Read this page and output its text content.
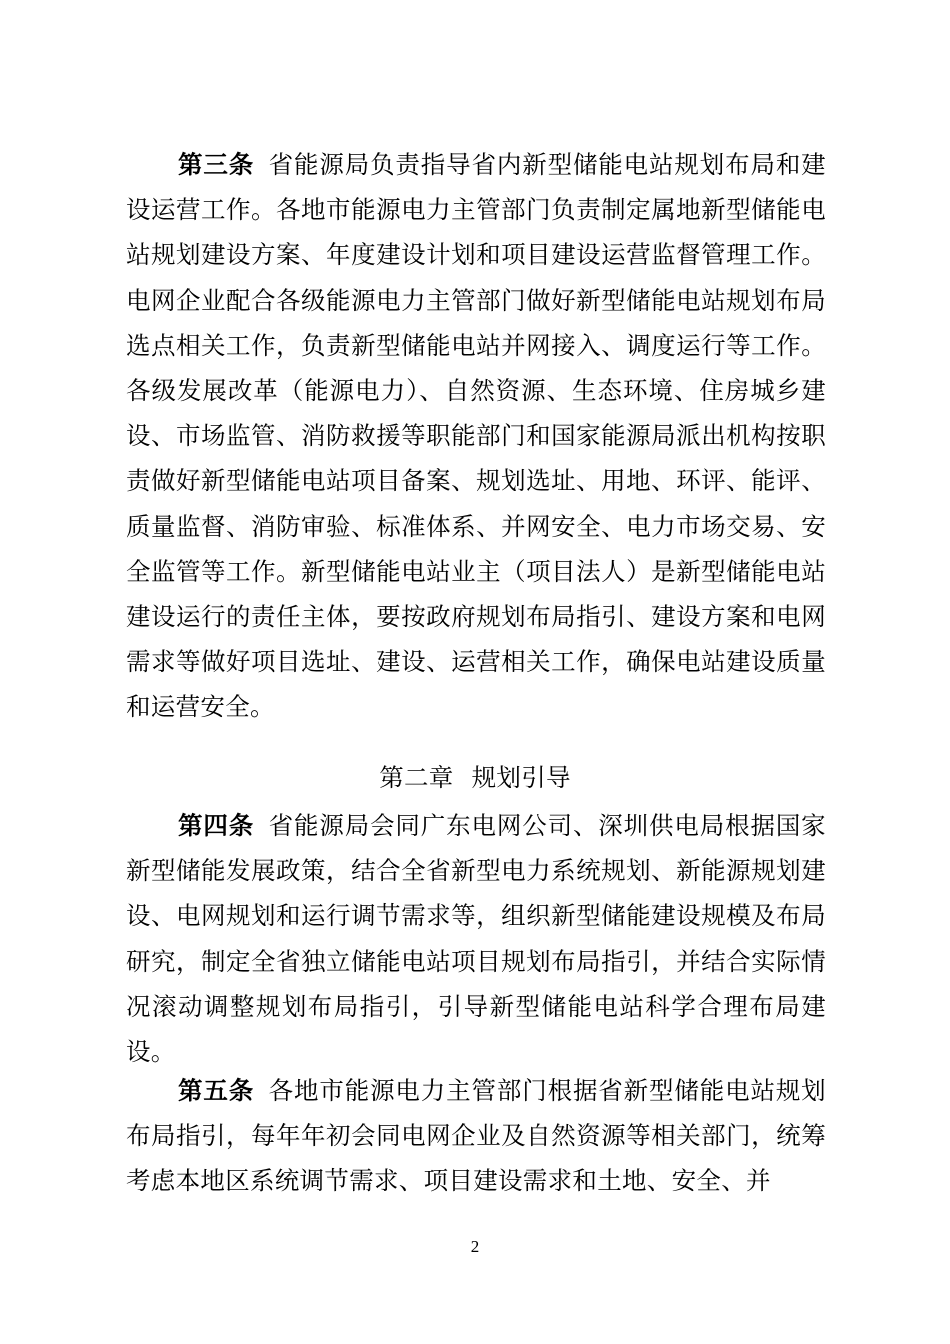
第三条 省能源局负责指导省内新型储能电站规划布局和建设运营工作。各地市能源电力主管部门负责制定属地新型储能电站规划建设方案、年度建设计划和项目建设运营监督管理工作。电网企业配合各级能源电力主管部门做好新型储能电站规划布局选点相关工作，负责新型储能电站并网接入、调度运行等工作。各级发展改革（能源电力）、自然资源、生态环境、住房城乡建设、市场监管、消防救援等职能部门和国家能源局派出机构按职责做好新型储能电站项目备案、规划选址、用地、环评、能评、质量监督、消防审验、标准体系、并网安全、电力市场交易、安全监管等工作。新型储能电站业主（项目法人）是新型储能电站建设运行的责任主体，要按政府规划布局指引、建设方案和电网需求等做好项目选址、建设、运营相关工作，确保电站建设质量和运营安全。

第二章 规划引导

第四条 省能源局会同广东电网公司、深圳供电局根据国家新型储能发展政策，结合全省新型电力系统规划、新能源规划建设、电网规划和运行调节需求等，组织新型储能建设规模及布局研究，制定全省独立储能电站项目规划布局指引，并结合实际情况滚动调整规划布局指引，引导新型储能电站科学合理布局建设。

第五条 各地市能源电力主管部门根据省新型储能电站规划布局指引，每年年初会同电网企业及自然资源等相关部门，统筹考虑本地区系统调节需求、项目建设需求和土地、安全、并

2
